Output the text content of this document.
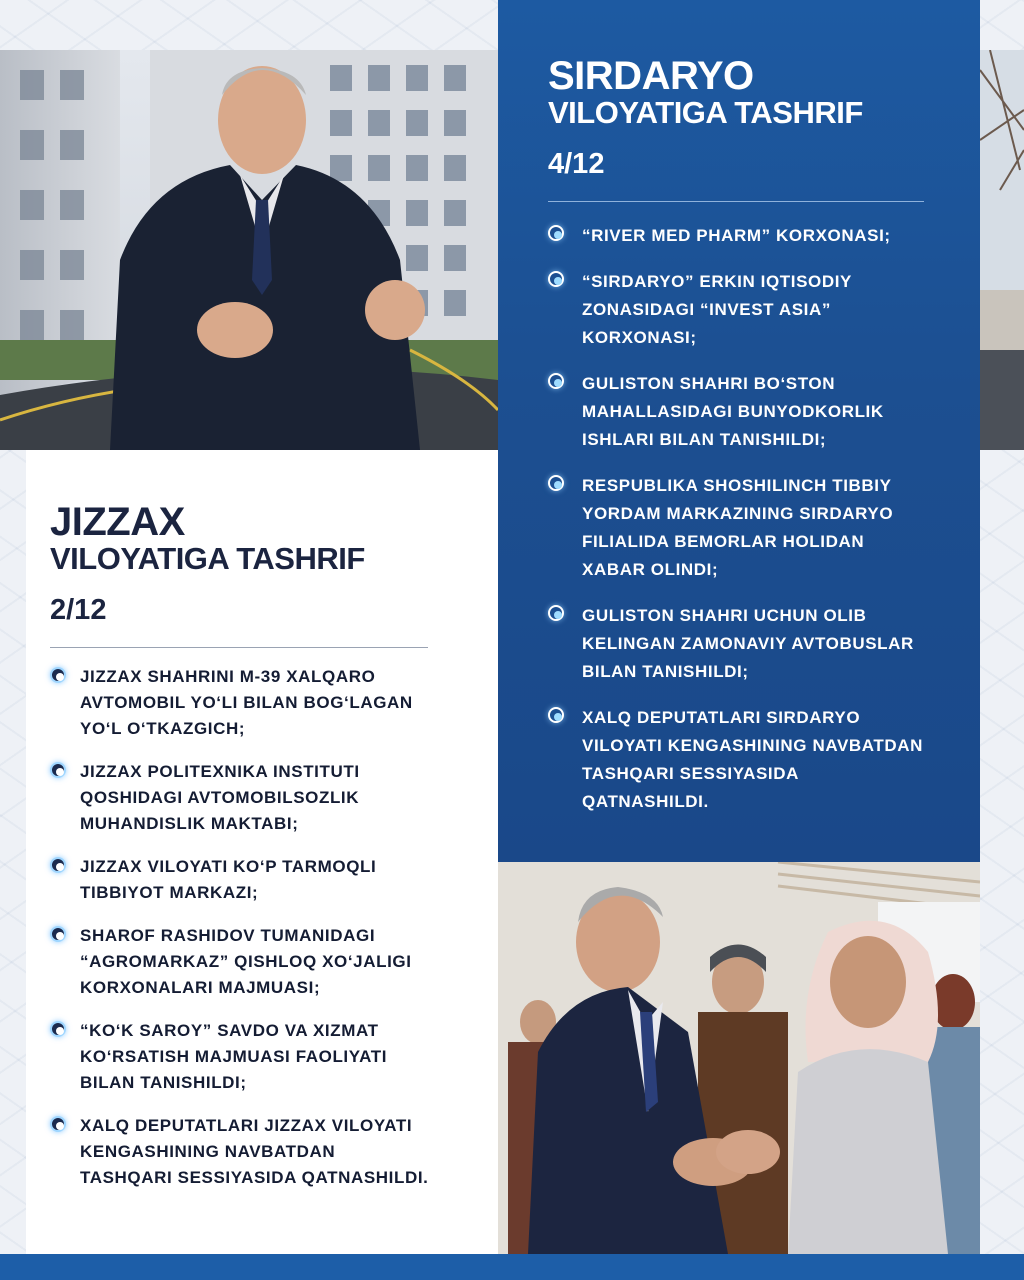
SIRDARYO
VILOYATIGA TASHRIF
4/12
“RIVER MED PHARM” KORXONASI;
“SIRDARYO” ERKIN IQTISODIY ZONASIDAGI “INVEST ASIA” KORXONASI;
GULISTON SHAHRI BO‘STON MAHALLASIDAGI BUNYODKORLIK ISHLARI BILAN TANISHILDI;
RESPUBLIKA SHOSHILINCH TIBBIY YORDAM MARKAZINING SIRDARYO FILIALIDA BEMORLAR HOLIDAN XABAR OLINDI;
GULISTON SHAHRI UCHUN OLIB KELINGAN ZAMONAVIY AVTOBUSLAR BILAN TANISHILDI;
XALQ DEPUTATLARI SIRDARYO VILOYATI KENGASHINING NAVBATDAN TASHQARI SESSIYASIDA QATNASHILDI.
JIZZAX
VILOYATIGA TASHRIF
2/12
JIZZAX SHAHRINI M-39 XALQARO AVTOMOBIL YO‘LI BILAN BOG‘LAGAN YO‘L O‘TKAZGICH;
JIZZAX POLITEXNIKA INSTITUTI QOSHIDAGI AVTOMOBILSOZLIK MUHANDISLIK MAKTABI;
JIZZAX VILOYATI KO‘P TARMOQLI TIBBIYOT MARKAZI;
SHAROF RASHIDOV TUMANIDAGI “AGROMARKAZ” QISHLOQ XO‘JALIGI KORXONALARI MAJMUASI;
“KO‘K SAROY” SAVDO VA XIZMAT KO‘RSATISH MAJMUASI FAOLIYATI BILAN TANISHILDI;
XALQ DEPUTATLARI JIZZAX VILOYATI KENGASHINING NAVBATDAN TASHQARI SESSIYASIDA QATNASHILDI.
